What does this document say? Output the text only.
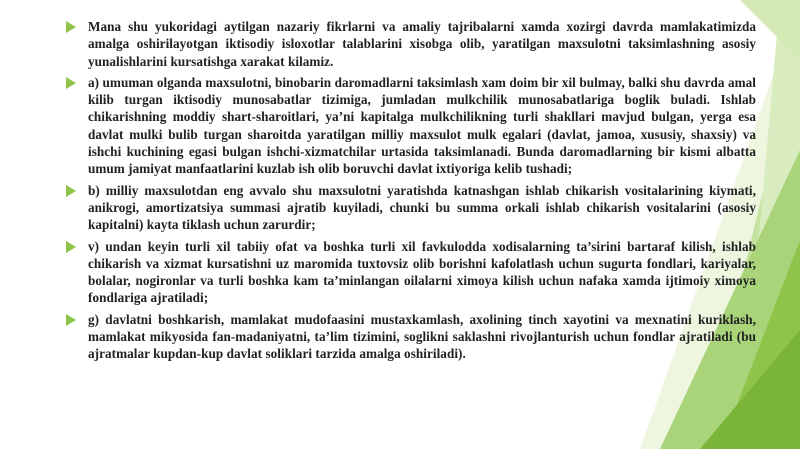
Mana shu yukoridagi aytilgan nazariy fikrlarni va amaliy tajribalarni xamda xozirgi davrda mamlakatimizda amalga oshirilayotgan iktisodiy isloxotlar talablarini xisobga olib, yaratilgan maxsulotni taksimlashning asosiy yunalishlarini kursatishga xarakat kilamiz.
a) umuman olganda maxsulotni, binobarin daromadlarni taksimlash xam doim bir xil bulmay, balki shu davrda amal kilib turgan iktisodiy munosabatlar tizimiga, jumladan mulkchilik munosabatlariga boglik buladi. Ishlab chikarishning moddiy shart-sharoitlari, ya’ni kapitalga mulkchilikning turli shakllari mavjud bulgan, yerga esa davlat mulki bulib turgan sharoitda yaratilgan milliy maxsulot mulk egalari (davlat, jamoa, xususiy, shaxsiy) va ishchi kuchining egasi bulgan ishchi-xizmatchilar urtasida taksimlanadi. Bunda daromadlarning bir kismi albatta umum jamiyat manfaatlarini kuzlab ish olib boruvchi davlat ixtiyoriga kelib tushadi;
b) milliy maxsulotdan eng avvalo shu maxsulotni yaratishda katnashgan ishlab chikarish vositalarining kiymati, anikrogi, amortizatsiya summasi ajratib kuyiladi, chunki bu summa orkali ishlab chikarish vositalarini (asosiy kapitalni) kayta tiklash uchun zarurdir;
v) undan keyin turli xil tabiiy ofat va boshka turli xil favkulodda xodisalarning ta’sirini bartaraf kilish, ishlab chikarish va xizmat kursatishni uz maromida tuxtovsiz olib borishni kafolatlash uchun sugurta fondlari, kariyalar, bolalar, nogironlar va turli boshka kam ta’minlangan oilalarni ximoya kilish uchun nafaka xamda ijtimoiy ximoya fondlariga ajratiladi;
g) davlatni boshkarish, mamlakat mudofaasini mustaxkamlash, axolining tinch xayotini va mexnatini kuriklash, mamlakat mikyosida fan-madaniyatni, ta’lim tizimini, soglikni saklashni rivojlanturish uchun fondlar ajratiladi (bu ajratmalar kupdan-kup davlat soliklari tarzida amalga oshiriladi).
